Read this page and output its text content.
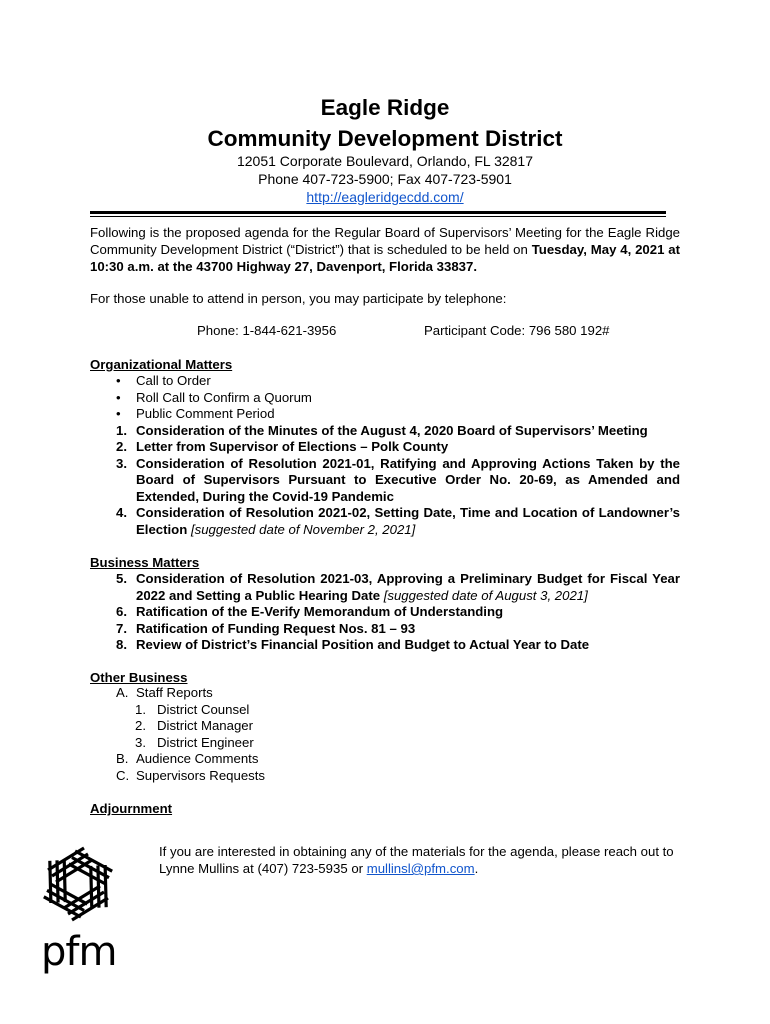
Eagle Ridge
Community Development District
12051 Corporate Boulevard, Orlando, FL 32817
Phone 407-723-5900; Fax 407-723-5901
http://eagleridgecdd.com/
Following is the proposed agenda for the Regular Board of Supervisors’ Meeting for the Eagle Ridge Community Development District (“District”) that is scheduled to be held on Tuesday, May 4, 2021 at 10:30 a.m. at the 43700 Highway 27, Davenport, Florida 33837.
For those unable to attend in person, you may participate by telephone:
Phone: 1-844-621-3956	Participant Code: 796 580 192#
Organizational Matters
•	Call to Order
•	Roll Call to Confirm a Quorum
•	Public Comment Period
1. Consideration of the Minutes of the August 4, 2020 Board of Supervisors’ Meeting
2. Letter from Supervisor of Elections – Polk County
3. Consideration of Resolution 2021-01, Ratifying and Approving Actions Taken by the Board of Supervisors Pursuant to Executive Order No. 20-69, as Amended and Extended, During the Covid-19 Pandemic
4. Consideration of Resolution 2021-02, Setting Date, Time and Location of Landowner’s Election [suggested date of November 2, 2021]
Business Matters
5. Consideration of Resolution 2021-03, Approving a Preliminary Budget for Fiscal Year 2022 and Setting a Public Hearing Date [suggested date of August 3, 2021]
6. Ratification of the E-Verify Memorandum of Understanding
7. Ratification of Funding Request Nos. 81 – 93
8. Review of District’s Financial Position and Budget to Actual Year to Date
Other Business
A. Staff Reports
1. District Counsel
2. District Manager
3. District Engineer
B. Audience Comments
C. Supervisors Requests
Adjournment
pfm
If you are interested in obtaining any of the materials for the agenda, please reach out to Lynne Mullins at (407) 723-5935 or mullinsl@pfm.com.
